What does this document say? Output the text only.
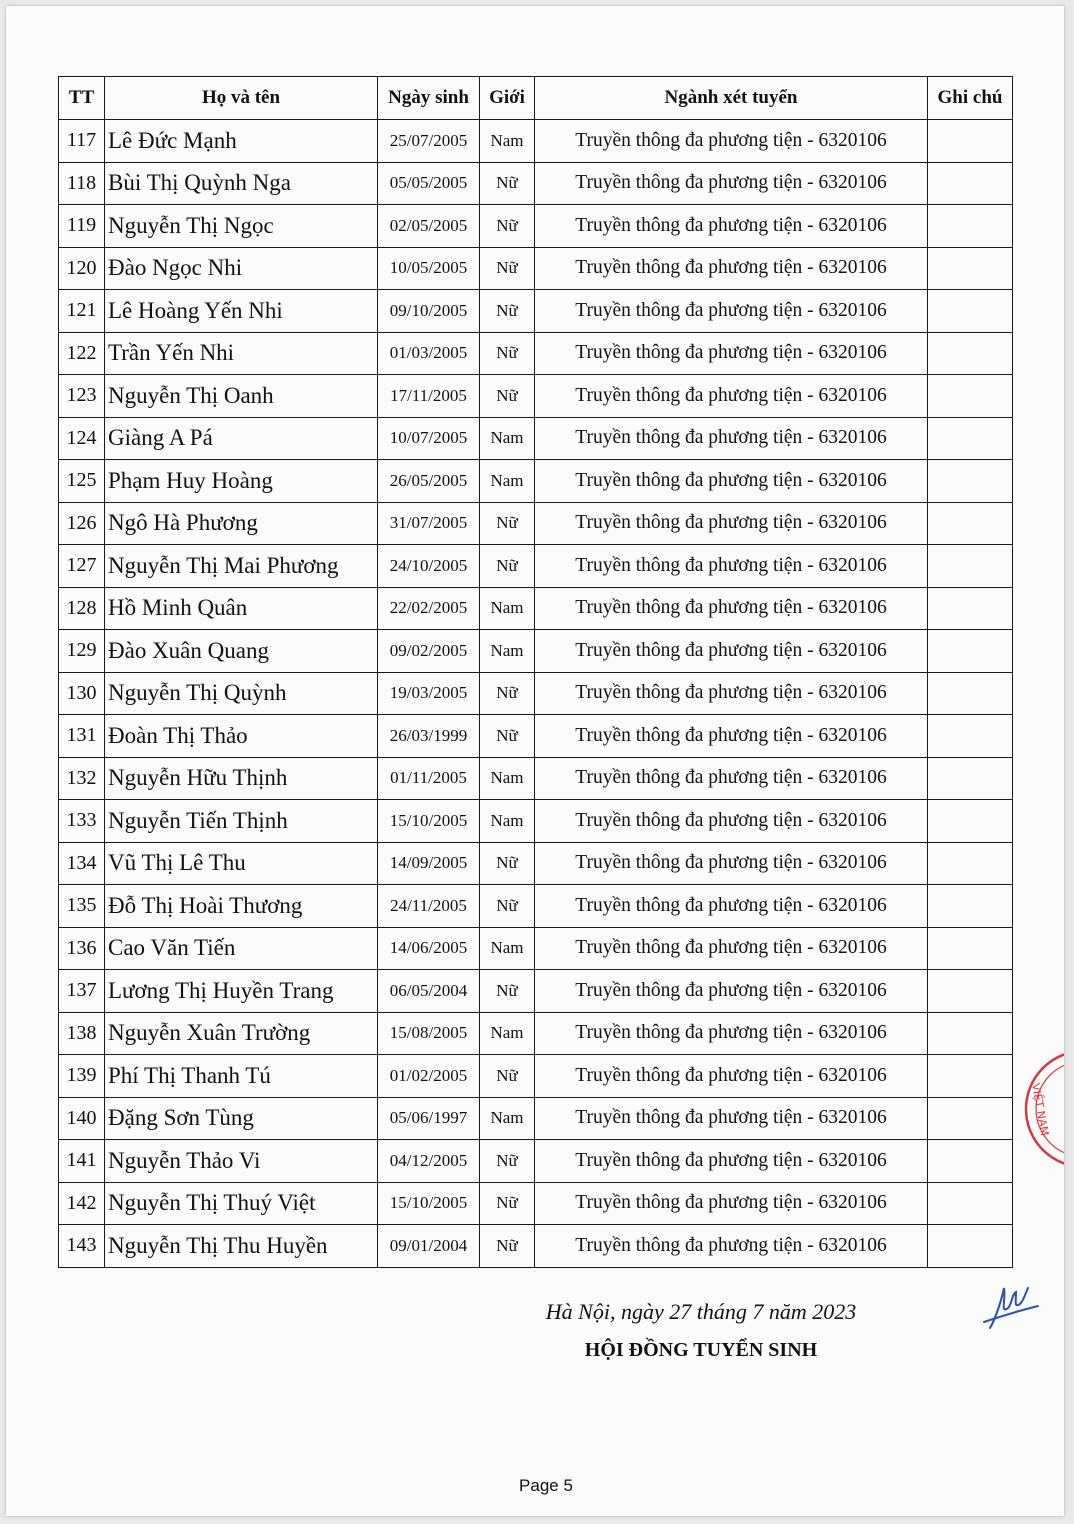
TT	Họ và tên	Ngày sinh	Giới	Ngành xét tuyển	Ghi chú
117	Lê Đức Mạnh	25/07/2005	Nam	Truyền thông đa phương tiện - 6320106	
118	Bùi Thị Quỳnh Nga	05/05/2005	Nữ	Truyền thông đa phương tiện - 6320106	
119	Nguyễn Thị Ngọc	02/05/2005	Nữ	Truyền thông đa phương tiện - 6320106	
120	Đào Ngọc Nhi	10/05/2005	Nữ	Truyền thông đa phương tiện - 6320106	
121	Lê Hoàng Yến Nhi	09/10/2005	Nữ	Truyền thông đa phương tiện - 6320106	
122	Trần Yến Nhi	01/03/2005	Nữ	Truyền thông đa phương tiện - 6320106	
123	Nguyễn Thị Oanh	17/11/2005	Nữ	Truyền thông đa phương tiện - 6320106	
124	Giàng A Pá	10/07/2005	Nam	Truyền thông đa phương tiện - 6320106	
125	Phạm Huy Hoàng	26/05/2005	Nam	Truyền thông đa phương tiện - 6320106	
126	Ngô Hà Phương	31/07/2005	Nữ	Truyền thông đa phương tiện - 6320106	
127	Nguyễn Thị Mai Phương	24/10/2005	Nữ	Truyền thông đa phương tiện - 6320106	
128	Hồ Minh Quân	22/02/2005	Nam	Truyền thông đa phương tiện - 6320106	
129	Đào Xuân Quang	09/02/2005	Nam	Truyền thông đa phương tiện - 6320106	
130	Nguyễn Thị Quỳnh	19/03/2005	Nữ	Truyền thông đa phương tiện - 6320106	
131	Đoàn Thị Thảo	26/03/1999	Nữ	Truyền thông đa phương tiện - 6320106	
132	Nguyễn Hữu Thịnh	01/11/2005	Nam	Truyền thông đa phương tiện - 6320106	
133	Nguyễn Tiến Thịnh	15/10/2005	Nam	Truyền thông đa phương tiện - 6320106	
134	Vũ Thị Lê Thu	14/09/2005	Nữ	Truyền thông đa phương tiện - 6320106	
135	Đỗ Thị Hoài Thương	24/11/2005	Nữ	Truyền thông đa phương tiện - 6320106	
136	Cao Văn Tiến	14/06/2005	Nam	Truyền thông đa phương tiện - 6320106	
137	Lương Thị Huyền Trang	06/05/2004	Nữ	Truyền thông đa phương tiện - 6320106	
138	Nguyễn Xuân Trường	15/08/2005	Nam	Truyền thông đa phương tiện - 6320106	
139	Phí Thị Thanh Tú	01/02/2005	Nữ	Truyền thông đa phương tiện - 6320106	
140	Đặng Sơn Tùng	05/06/1997	Nam	Truyền thông đa phương tiện - 6320106	
141	Nguyễn Thảo Vi	04/12/2005	Nữ	Truyền thông đa phương tiện - 6320106	
142	Nguyễn Thị Thuý Việt	15/10/2005	Nữ	Truyền thông đa phương tiện - 6320106	
143	Nguyễn Thị Thu Huyền	09/01/2004	Nữ	Truyền thông đa phương tiện - 6320106	
Hà Nội, ngày 27 tháng 7 năm 2023
HỘI ĐỒNG TUYỂN SINH
Page 5
VIỆT NAM
